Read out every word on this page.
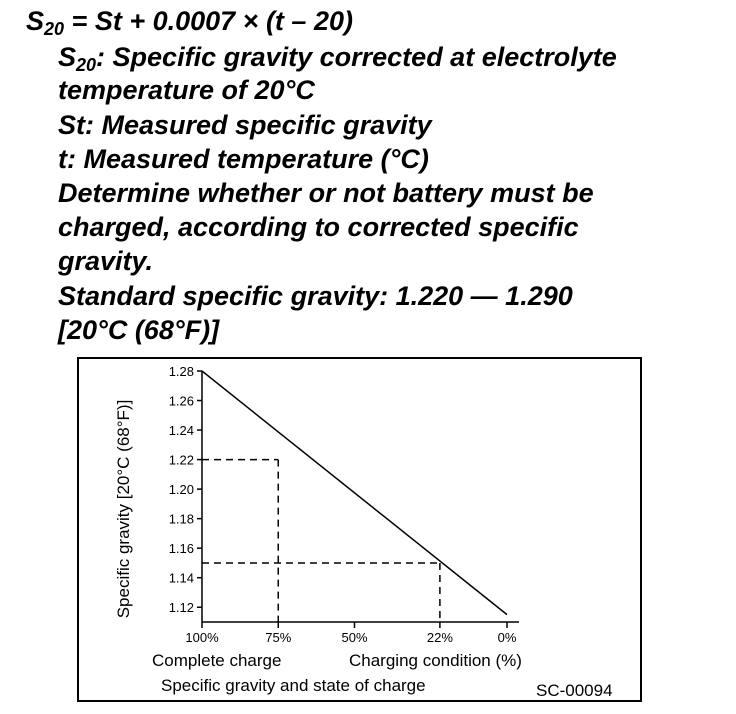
$S_{20} = St + 0.0007 \times (t - 20)$
$S_{20}$: Specific gravity corrected at electrolyte
temperature of 20°C
St: Measured specific gravity
t: Measured temperature (°C)
Determine whether or not battery must be
charged, according to corrected specific
gravity.
Standard specific gravity: 1.220 — 1.290
[20°C (68°F)]
1.28
1.26
1.24
1.22
1.20
1.18
1.16
1.14
1.12
100%	75%	50%	22%	0%
Specific gravity [20°C (68°F)]
Complete charge	Charging condition (%)
Specific gravity and state of charge	SC-00094
